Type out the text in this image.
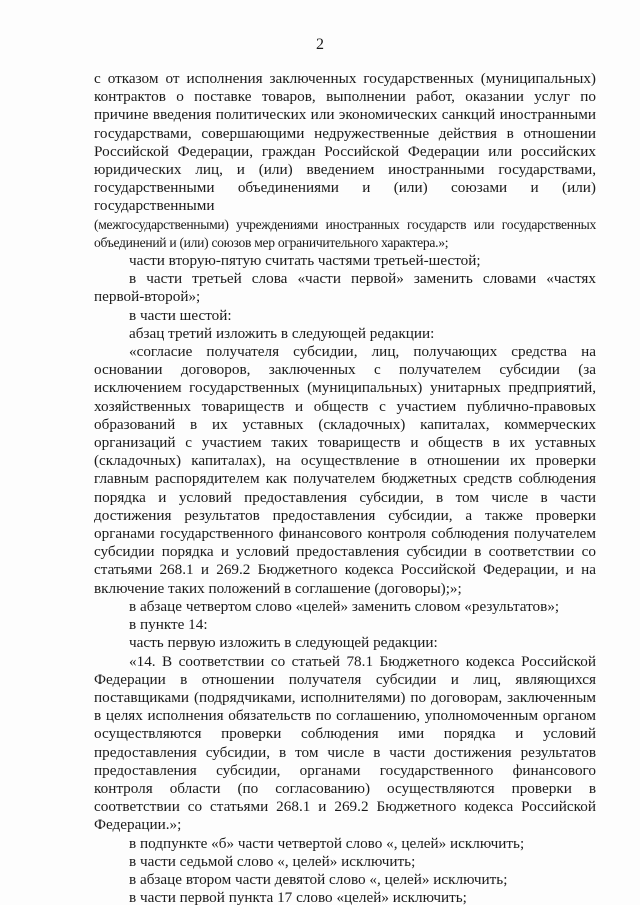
2

с отказом от исполнения заключенных государственных (муниципальных) контрактов о поставке товаров, выполнении работ, оказании услуг по причине введения политических или экономических санкций иностранными государствами, совершающими недружественные действия в отношении Российской Федерации, граждан Российской Федерации или российских юридических лиц, и (или) введением иностранными государствами, государственными объединениями и (или) союзами и (или) государственными

(межгосударственными) учреждениями иностранных государств или государственных объединений и (или) союзов мер ограничительного характера.»;

части вторую-пятую считать частями третьей-шестой;

в части третьей слова «части первой» заменить словами «частях первой-второй»;

в части шестой:

абзац третий изложить в следующей редакции:

«согласие получателя субсидии, лиц, получающих средства на основании договоров, заключенных с получателем субсидии (за исключением государственных (муниципальных) унитарных предприятий, хозяйственных товариществ и обществ с участием публично-правовых образований в их уставных (складочных) капиталах, коммерческих организаций с участием таких товариществ и обществ в их уставных (складочных) капиталах), на осуществление в отношении их проверки главным распорядителем как получателем бюджетных средств соблюдения порядка и условий предоставления субсидии, в том числе в части достижения результатов предоставления субсидии, а также проверки органами государственного финансового контроля соблюдения получателем субсидии порядка и условий предоставления субсидии в соответствии со статьями 268.1 и 269.2 Бюджетного кодекса Российской Федерации, и на включение таких положений в соглашение (договоры);»;

в абзаце четвертом слово «целей» заменить словом «результатов»;

в пункте 14:

часть первую изложить в следующей редакции:

«14. В соответствии со статьей 78.1 Бюджетного кодекса Российской Федерации в отношении получателя субсидии и лиц, являющихся поставщиками (подрядчиками, исполнителями) по договорам, заключенным в целях исполнения обязательств по соглашению, уполномоченным органом осуществляются проверки соблюдения ими порядка и условий предоставления субсидии, в том числе в части достижения результатов предоставления субсидии, органами государственного финансового контроля области (по согласованию) осуществляются проверки в соответствии со статьями 268.1 и 269.2 Бюджетного кодекса Российской Федерации.»;

в подпункте «б» части четвертой слово «, целей» исключить;

в части седьмой слово «, целей» исключить;

в абзаце втором части девятой слово «, целей» исключить;

в части первой пункта 17 слово «целей» исключить;
